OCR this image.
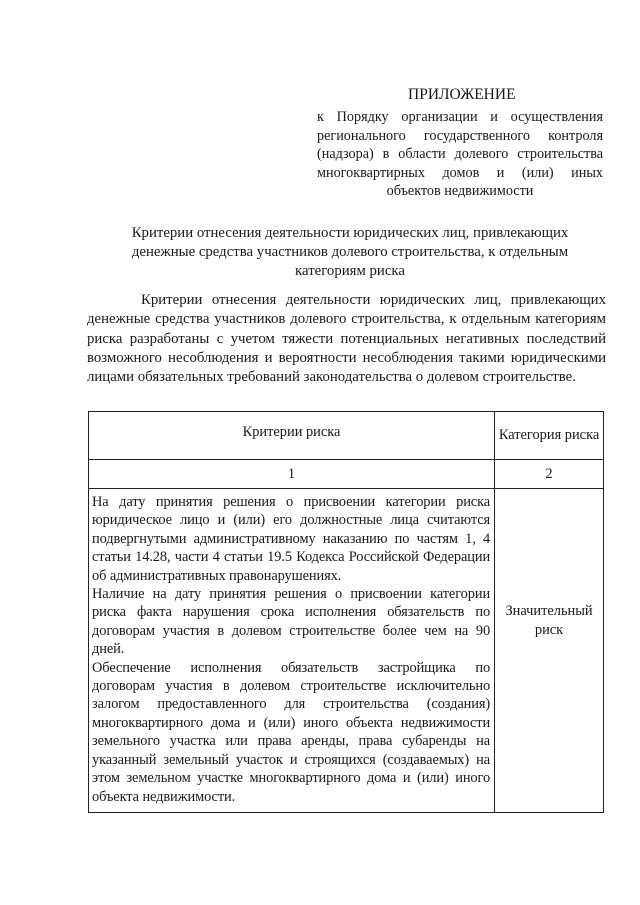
ПРИЛОЖЕНИЕ
к Порядку организации и осуществления регионального государственного контроля (надзора) в области долевого строительства многоквартирных домов и (или) иных объектов недвижимости
Критерии отнесения деятельности юридических лиц, привлекающих денежные средства участников долевого строительства, к отдельным категориям риска
Критерии отнесения деятельности юридических лиц, привлекающих денежные средства участников долевого строительства, к отдельным категориям риска разработаны с учетом тяжести потенциальных негативных последствий возможного несоблюдения и вероятности несоблюдения такими юридическими лицами обязательных требований законодательства о долевом строительстве.
Критерии риска	Категория риска
1	2

На дату принятия решения о присвоении категории риска юридическое лицо и (или) его должностные лица считаются подвергнутыми административному наказанию по частям 1, 4 статьи 14.28, части 4 статьи 19.5 Кодекса Российской Федерации об административных правонарушениях.

Наличие на дату принятия решения о присвоении категории риска факта нарушения срока исполнения обязательств по договорам участия в долевом строительстве более чем на 90 дней.

Обеспечение исполнения обязательств застройщика по договорам участия в долевом строительстве исключительно залогом предоставленного для строительства (создания) многоквартирного дома и (или) иного объекта недвижимости земельного участка или права аренды, права субаренды на указанный земельный участок и строящихся (создаваемых) на этом земельном участке многоквартирного дома и (или) иного объекта недвижимости.	Значительный риск
